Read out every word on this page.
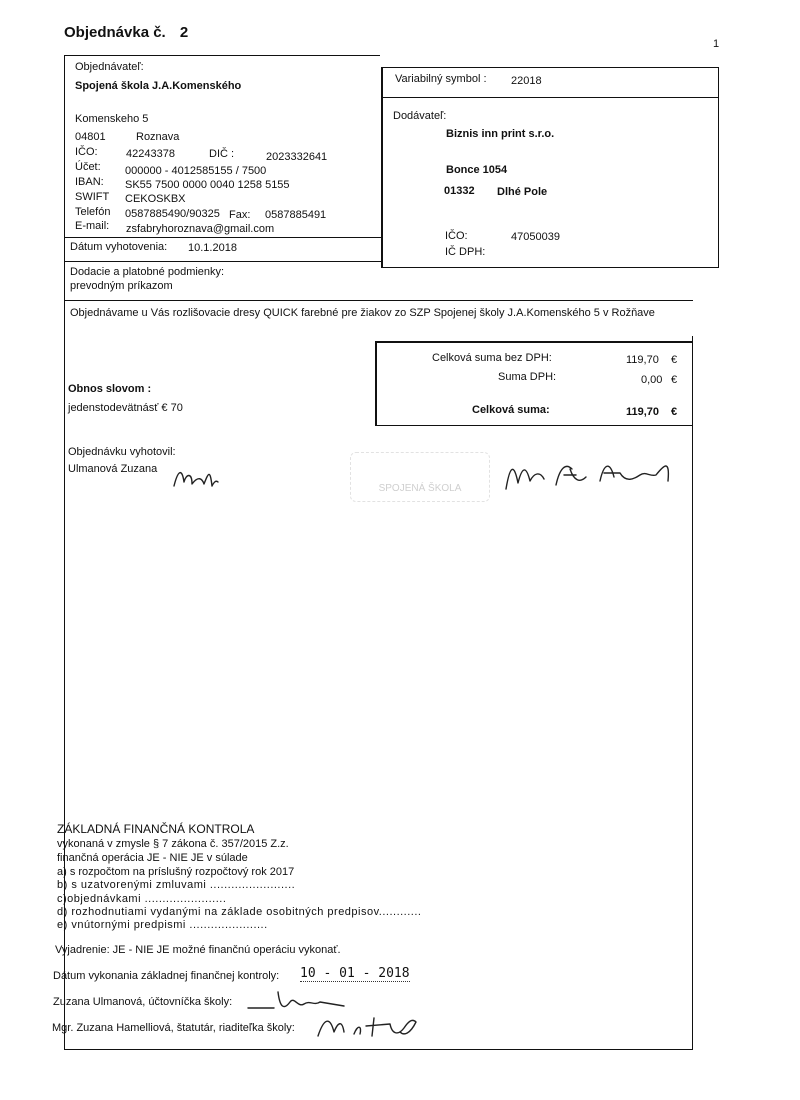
Objednávka č. 2
1
Objednávateľ:
Spojená škola J.A.Komenského
Komenskeho 5
04801	Roznava
IČO:	42243378	DIČ :	2023332641
Účet: 000000 - 4012585155 / 7500
IBAN: SK55 7500 0000 0040 1258 5155
SWIFT CEKOSKBX
Telefón 0587885490/90325 Fax: 0587885491
E-mail: zsfabryhoroznava@gmail.com
Dátum vyhotovenia: 10.1.2018
Variabilný symbol : 22018
Dodávateľ:
Biznis inn print s.r.o.
Bonce 1054
01332 Dlhé Pole
IČO:	47050039
IČ DPH:
Dodacie a platobné podmienky:
prevodným príkazom
Objednávame u Vás rozlišovacie dresy QUICK farebné pre žiakov zo SZP Spojenej školy J.A.Komenského 5 v Rožňave
Celková suma bez DPH:	119,70 €
Suma DPH:	0,00 €
Celková suma:	119,70 €
Obnos slovom :
jedenstodevätnásť € 70
Objednávku vyhotovil:
Ulmanová Zuzana
SPOJENÁ ŠKOLA
ZÁKLADNÁ FINANČNÁ KONTROLA
vykonaná v zmysle § 7 zákona č. 357/2015 Z.z.
finančná operácia JE - NIE JE v súlade
a) s rozpočtom na príslušný rozpočtový rok 2017
b) s uzatvorenými zmluvami ........................
c)objednávkami .......................
d) rozhodnutiami vydanými na základe osobitných predpisov............
e) vnútornými predpismi ......................
Vyjadrenie: JE - NIE JE možné finančnú operáciu vykonať.
Dátum vykonania základnej finančnej kontroly: 10 - 01 - 2018
Zuzana Ulmanová, účtovníčka školy:
Mgr. Zuzana Hamelliová, štatutár, riaditeľka školy:
